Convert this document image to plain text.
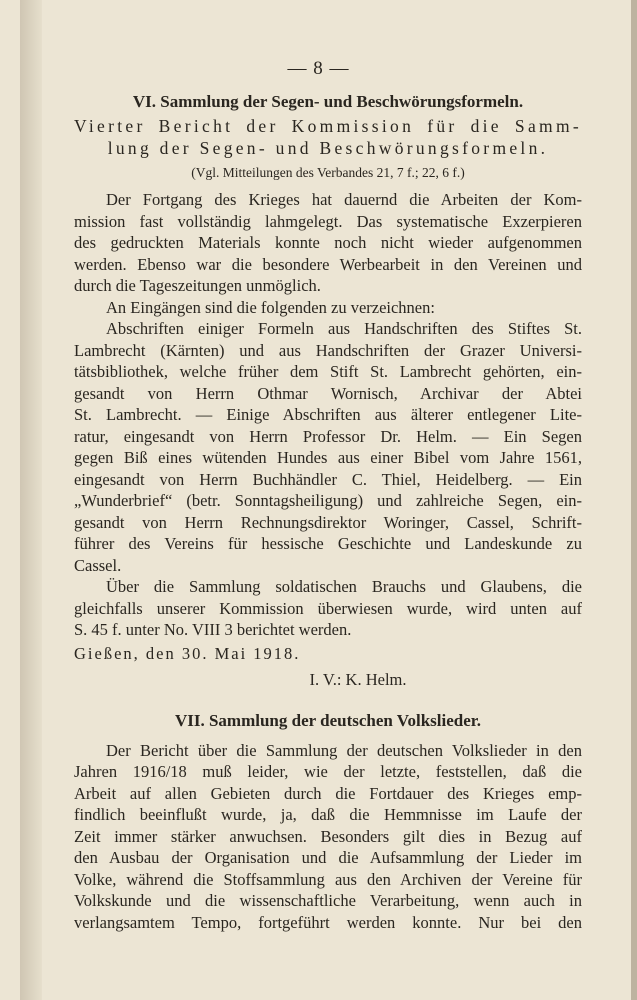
— 8 —

VI. Sammlung der Segen- und Beschwörungsformeln.

Vierter Bericht der Kommission für die Samm-

lung der Segen- und Beschwörungsformeln.

(Vgl. Mitteilungen des Verbandes 21, 7 f.; 22, 6 f.)

Der Fortgang des Krieges hat dauernd die Arbeiten der Kom-
mission fast vollständig lahmgelegt. Das systematische Exzerpieren
des gedruckten Materials konnte noch nicht wieder aufgenommen
werden. Ebenso war die besondere Werbearbeit in den Vereinen und
durch die Tageszeitungen unmöglich.
An Eingängen sind die folgenden zu verzeichnen:
Abschriften einiger Formeln aus Handschriften des Stiftes St.
Lambrecht (Kärnten) und aus Handschriften der Grazer Universi-
tätsbibliothek, welche früher dem Stift St. Lambrecht gehörten, ein-
gesandt von Herrn Othmar Wornisch, Archivar der Abtei
St. Lambrecht. — Einige Abschriften aus älterer entlegener Lite-
ratur, eingesandt von Herrn Professor Dr. Helm. — Ein Segen
gegen Biß eines wütenden Hundes aus einer Bibel vom Jahre 1561,
eingesandt von Herrn Buchhändler C. Thiel, Heidelberg. — Ein
„Wunderbrief“ (betr. Sonntagsheiligung) und zahlreiche Segen, ein-
gesandt von Herrn Rechnungsdirektor Woringer, Cassel, Schrift-
führer des Vereins für hessische Geschichte und Landeskunde zu
Cassel.
Über die Sammlung soldatischen Brauchs und Glaubens, die
gleichfalls unserer Kommission überwiesen wurde, wird unten auf
S. 45 f. unter No. VIII 3 berichtet werden.
Gießen, den 30. Mai 1918.
I. V.: K. Helm.

VII. Sammlung der deutschen Volkslieder.

Der Bericht über die Sammlung der deutschen Volkslieder in den
Jahren 1916/18 muß leider, wie der letzte, feststellen, daß die
Arbeit auf allen Gebieten durch die Fortdauer des Krieges emp-
findlich beeinflußt wurde, ja, daß die Hemmnisse im Laufe der
Zeit immer stärker anwuchsen. Besonders gilt dies in Bezug auf
den Ausbau der Organisation und die Aufsammlung der Lieder im
Volke, während die Stoffsammlung aus den Archiven der Vereine für
Volkskunde und die wissenschaftliche Verarbeitung, wenn auch in
verlangsamtem Tempo, fortgeführt werden konnte. Nur bei den
